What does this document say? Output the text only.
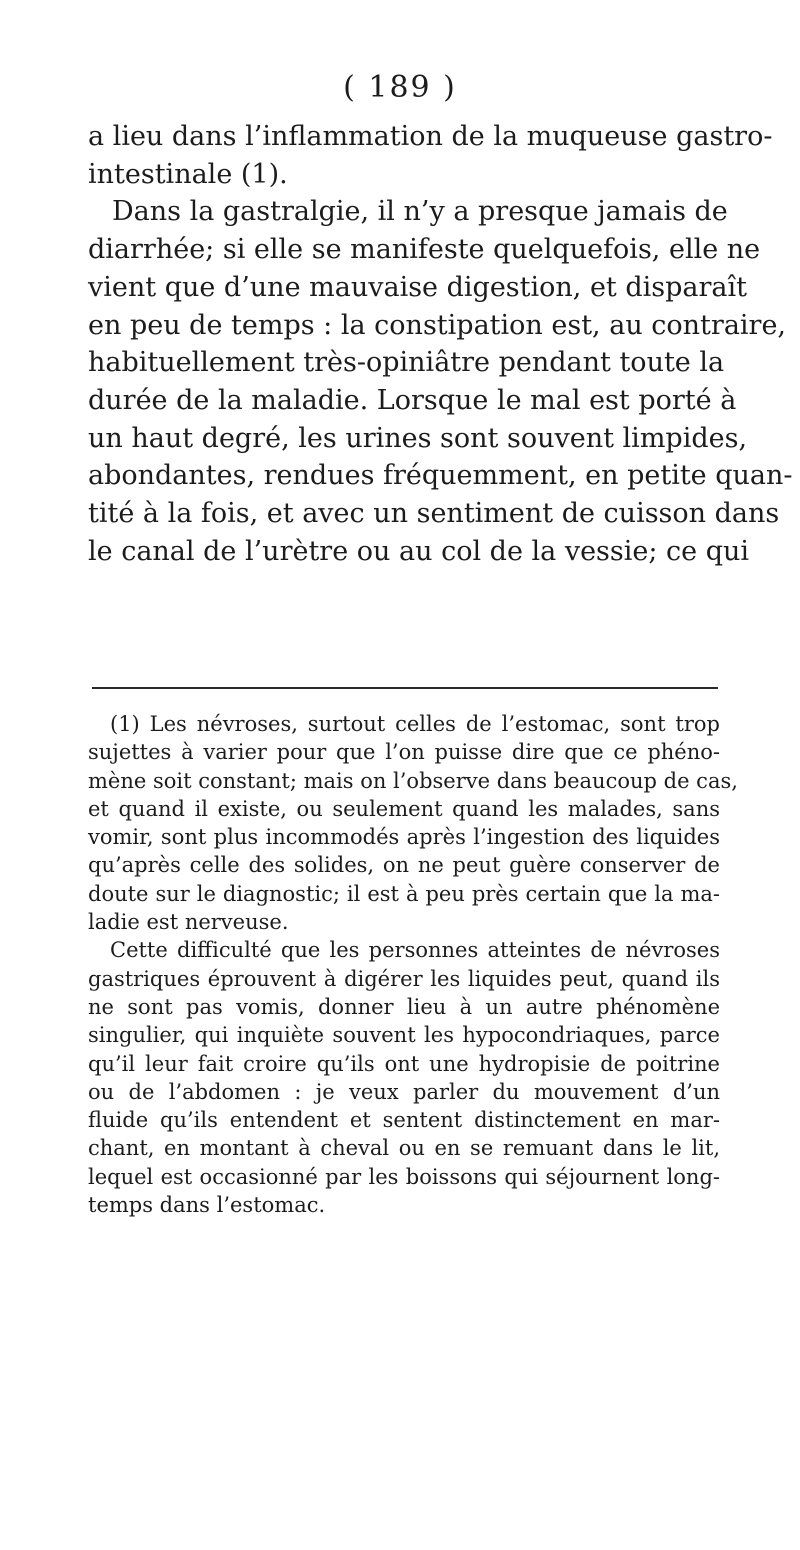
( 189 )
a lieu dans l’inflammation de la muqueuse gastro-
intestinale (1).
Dans la gastralgie, il n’y a presque jamais de
diarrhée; si elle se manifeste quelquefois, elle ne
vient que d’une mauvaise digestion, et disparaît
en peu de temps : la constipation est, au contraire,
habituellement très-opiniâtre pendant toute la
durée de la maladie. Lorsque le mal est porté à
un haut degré, les urines sont souvent limpides,
abondantes, rendues fréquemment, en petite quan-
tité à la fois, et avec un sentiment de cuisson dans
le canal de l’urètre ou au col de la vessie; ce qui
(1) Les névroses, surtout celles de l’estomac, sont trop
sujettes à varier pour que l’on puisse dire que ce phéno-
mène soit constant; mais on l’observe dans beaucoup de cas,
et quand il existe, ou seulement quand les malades, sans
vomir, sont plus incommodés après l’ingestion des liquides
qu’après celle des solides, on ne peut guère conserver de
doute sur le diagnostic; il est à peu près certain que la ma-
ladie est nerveuse.
Cette difficulté que les personnes atteintes de névroses
gastriques éprouvent à digérer les liquides peut, quand ils
ne sont pas vomis, donner lieu à un autre phénomène
singulier, qui inquiète souvent les hypocondriaques, parce
qu’il leur fait croire qu’ils ont une hydropisie de poitrine
ou de l’abdomen : je veux parler du mouvement d’un
fluide qu’ils entendent et sentent distinctement en mar-
chant, en montant à cheval ou en se remuant dans le lit,
lequel est occasionné par les boissons qui séjournent long-
temps dans l’estomac.
